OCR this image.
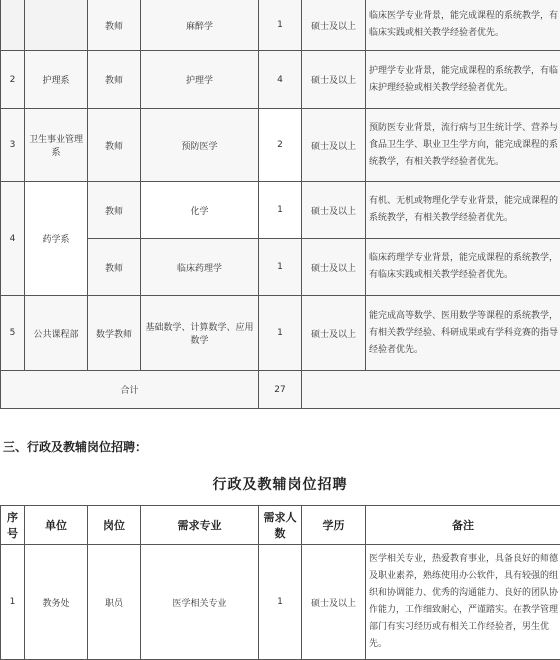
		教师	麻醉学	1	硕士及以上	临床医学专业背景，能完成课程的系统教学，有临床实践或相关教学经验者优先。
2	护理系	教师	护理学	4	硕士及以上	护理学专业背景，能完成课程的系统教学，有临床护理经验或相关教学经验者优先。
3	卫生事业管理系	教师	预防医学	2	硕士及以上	预防医专业背景，流行病与卫生统计学、营养与食品卫生学、职业卫生学方向，能完成课程的系统教学，有相关教学经验者优先。
4	药学系	教师	化学	1	硕士及以上	有机、无机或物理化学专业背景，能完成课程的系统教学，有相关教学经验者优先。
		教师	临床药理学	1	硕士及以上	临床药理学专业背景，能完成课程的系统教学，有临床实践或相关教学经验者优先。
5	公共课程部	数学教师	基础数学、计算数学、应用数学	1	硕士及以上	能完成高等数学、医用数学等课程的系统教学，有相关教学经验、科研成果或有学科竞赛的指导经验者优先。
合计				27		
三、行政及教辅岗位招聘：
行政及教辅岗位招聘
序号	单位	岗位	需求专业	需求人数	学历	备注
1	教务处	职员	医学相关专业	1	硕士及以上	医学相关专业，热爱教育事业，具备良好的师德及职业素养，熟练使用办公软件，具有较强的组织和协调能力、优秀的沟通能力、良好的团队协作能力，工作细致耐心，严谨踏实。在教学管理部门有实习经历或有相关工作经验者，男生优先。
